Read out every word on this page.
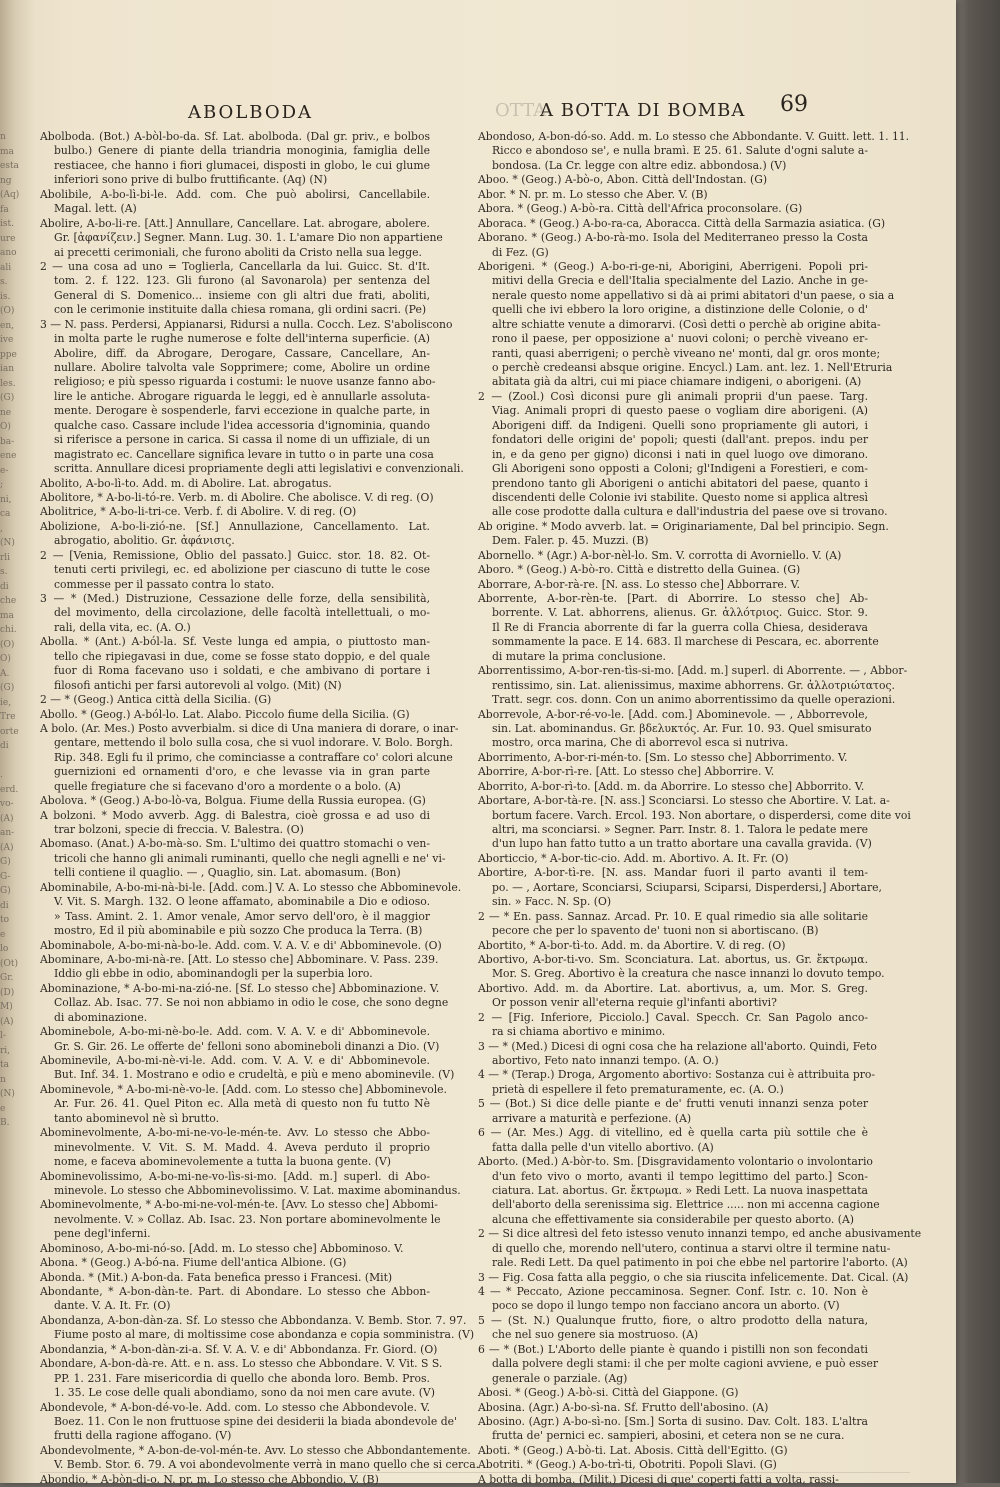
n
ma
esta
ng
(Aq)
fa
ist.
ure
ano
ali
s.
is.
(O)
en,
ive
ppe
ian
les.
(G)
ne
O)
ba-
ene
e-
;
ni,
ca
,
(N)
rli
s.
di
che
ma
chi.
(O)
O)
A.
(G)
ie,
Tre
orte
di
.
erd.
vo-
(A)
an-
(A)
G)
G-
G)
di
to
e
lo
(Ot)
Gr.
(D)
M)
(A)
l-
ri,
ta
n
(N)
e
B.
ABOLBODA	OTTA
A BOTTA DI BOMBA 69
Abolboda. (Bot.) A-bòl-bo-da. Sf. Lat. abolboda. (Dal gr. priv., e bolbos
bulbo.) Genere di piante della triandria monoginia, famiglia delle
restiacee, che hanno i fiori glumacei, disposti in globo, le cui glume
inferiori sono prive di bulbo fruttificante. (Aq) (N)
Abolibile, A-bo-lì-bi-le. Add. com. Che può abolirsi, Cancellabile.
Magal. lett. (A)
Abolire, A-bo-li-re. [Att.] Annullare, Cancellare. Lat. abrogare, abolere.
Gr. [ἀφανίζειν.] Segner. Mann. Lug. 30. 1. L'amare Dio non appartiene
ai precetti cerimoniali, che furono aboliti da Cristo nella sua legge.
2 — una cosa ad uno = Toglierla, Cancellarla da lui. Guicc. St. d'It.
tom. 2. f. 122. 123. Gli furono (al Savonarola) per sentenza del
General di S. Domenico... insieme con gli altri due frati, aboliti,
con le cerimonie instituite dalla chiesa romana, gli ordini sacri. (Pe)
3 — N. pass. Perdersi, Appianarsi, Ridursi a nulla. Cocch. Lez. S'aboliscono
in molta parte le rughe numerose e folte dell'interna superficie. (A)
Abolire, diff. da Abrogare, Derogare, Cassare, Cancellare, An-
nullare. Abolire talvolta vale Sopprimere; come, Abolire un ordine
religioso; e più spesso riguarda i costumi: le nuove usanze fanno abo-
lire le antiche. Abrogare riguarda le leggi, ed è annullarle assoluta-
mente. Derogare è sospenderle, farvi eccezione in qualche parte, in
qualche caso. Cassare include l'idea accessoria d'ignominia, quando
si riferisce a persone in carica. Si cassa il nome di un uffiziale, di un
magistrato ec. Cancellare significa levare in tutto o in parte una cosa
scritta. Annullare dicesi propriamente degli atti legislativi e convenzionali.
Abolito, A-bo-lì-to. Add. m. di Abolire. Lat. abrogatus.
Abolitore, * A-bo-li-tó-re. Verb. m. di Abolire. Che abolisce. V. di reg. (O)
Abolitrice, * A-bo-li-tri-ce. Verb. f. di Abolire. V. di reg. (O)
Abolizione, A-bo-li-zió-ne. [Sf.] Annullazione, Cancellamento. Lat.
abrogatio, abolitio. Gr. ἀφάνισις.
2 — [Venia, Remissione, Oblio del passato.] Guicc. stor. 18. 82. Ot-
tenuti certi privilegi, ec. ed abolizione per ciascuno di tutte le cose
commesse per il passato contra lo stato.
3 — * (Med.) Distruzione, Cessazione delle forze, della sensibilità,
del movimento, della circolazione, delle facoltà intellettuali, o mo-
rali, della vita, ec. (A. O.)
Abolla. * (Ant.) A-ból-la. Sf. Veste lunga ed ampia, o piuttosto man-
tello che ripiegavasi in due, come se fosse stato doppio, e del quale
fuor di Roma facevano uso i soldati, e che ambivano di portare i
filosofi antichi per farsi autorevoli al volgo. (Mit) (N)
2 — * (Geog.) Antica città della Sicilia. (G)
Abollo. * (Geog.) A-ból-lo. Lat. Alabo. Piccolo fiume della Sicilia. (G)
A bolo. (Ar. Mes.) Posto avverbialm. si dice di Una maniera di dorare, o inar-
gentare, mettendo il bolo sulla cosa, che si vuol indorare. V. Bolo. Borgh.
Rip. 348. Egli fu il primo, che cominciasse a contraffare co' colori alcune
guernizioni ed ornamenti d'oro, e che levasse via in gran parte
quelle fregiature che si facevano d'oro a mordente o a bolo. (A)
Abolova. * (Geog.) A-bo-lò-va, Bolgua. Fiume della Russia europea. (G)
A bolzoni. * Modo avverb. Agg. di Balestra, cioè grossa e ad uso di
trar bolzoni, specie di freccia. V. Balestra. (O)
Abomaso. (Anat.) A-bo-mà-so. Sm. L'ultimo dei quattro stomachi o ven-
tricoli che hanno gli animali ruminanti, quello che negli agnelli e ne' vi-
telli contiene il quaglio. — , Quaglio, sin. Lat. abomasum. (Bon)
Abominabile, A-bo-mi-nà-bi-le. [Add. com.] V. A. Lo stesso che Abbominevole.
V. Vit. S. Margh. 132. O leone affamato, abominabile a Dio e odioso.
» Tass. Amint. 2. 1. Amor venale, Amor servo dell'oro, è il maggior
mostro, Ed il più abominabile e più sozzo Che produca la Terra. (B)
Abominabole, A-bo-mi-nà-bo-le. Add. com. V. A. V. e di' Abbominevole. (O)
Abominare, A-bo-mi-nà-re. [Att. Lo stesso che] Abbominare. V. Pass. 239.
Iddio gli ebbe in odio, abominandogli per la superbia loro.
Abominazione, * A-bo-mi-na-zió-ne. [Sf. Lo stesso che] Abbominazione. V.
Collaz. Ab. Isac. 77. Se noi non abbiamo in odio le cose, che sono degne
di abominazione.
Abominebole, A-bo-mi-nè-bo-le. Add. com. V. A. V. e di' Abbominevole.
Gr. S. Gir. 26. Le offerte de' felloni sono abomineboli dinanzi a Dio. (V)
Abominevile, A-bo-mi-nè-vi-le. Add. com. V. A. V. e di' Abbominevole.
But. Inf. 34. 1. Mostrano e odio e crudeltà, e più e meno abominevile. (V)
Abominevole, * A-bo-mi-nè-vo-le. [Add. com. Lo stesso che] Abbominevole.
Ar. Fur. 26. 41. Quel Piton ec. Alla metà di questo non fu tutto Nè
tanto abominevol nè sì brutto.
Abominevolmente, A-bo-mi-ne-vo-le-mén-te. Avv. Lo stesso che Abbo-
minevolmente. V. Vit. S. M. Madd. 4. Aveva perduto il proprio
nome, e faceva abominevolemente a tutta la buona gente. (V)
Abominevolissimo, A-bo-mi-ne-vo-lìs-si-mo. [Add. m.] superl. di Abo-
minevole. Lo stesso che Abbominevolissimo. V. Lat. maxime abominandus.
Abominevolmente, * A-bo-mi-ne-vol-mén-te. [Avv. Lo stesso che] Abbomi-
nevolmente. V. » Collaz. Ab. Isac. 23. Non portare abominevolmente le
pene degl'inferni.
Abominoso, A-bo-mi-nó-so. [Add. m. Lo stesso che] Abbominoso. V.
Abona. * (Geog.) A-bó-na. Fiume dell'antica Albione. (G)
Abonda. * (Mit.) A-bon-da. Fata benefica presso i Francesi. (Mit)
Abondante, * A-bon-dàn-te. Part. di Abondare. Lo stesso che Abbon-
dante. V. A. It. Fr. (O)
Abondanza, A-bon-dàn-za. Sf. Lo stesso che Abbondanza. V. Bemb. Stor. 7. 97.
Fiume posto al mare, di moltissime cose abondanza e copia somministra. (V)
Abondanzia, * A-bon-dàn-zi-a. Sf. V. A. V. e di' Abbondanza. Fr. Giord. (O)
Abondare, A-bon-dà-re. Att. e n. ass. Lo stesso che Abbondare. V. Vit. S S.
PP. 1. 231. Fare misericordia di quello che abonda loro. Bemb. Pros.
1. 35. Le cose delle quali abondiamo, sono da noi men care avute. (V)
Abondevole, * A-bon-dé-vo-le. Add. com. Lo stesso che Abbondevole. V.
Boez. 11. Con le non fruttuose spine dei desiderii la biada abondevole de'
frutti della ragione affogano. (V)
Abondevolmente, * A-bon-de-vol-mén-te. Avv. Lo stesso che Abbondantemente.
V. Bemb. Stor. 6. 79. A voi abondevolmente verrà in mano quello che si cerca.
Abondio, * A-bòn-di-o. N. pr. m. Lo stesso che Abbondio. V. (B)
Abondoso, A-bon-dó-so. Add. m. Lo stesso che Abbondante. V. Guitt. lett. 1. 11.
Ricco e abondoso se', e nulla bramì. E 25. 61. Salute d'ogni salute a-
bondosa. (La Cr. legge con altre ediz. abbondosa.) (V)
Aboo. * (Geog.) A-bò-o, Abon. Città dell'Indostan. (G)
Abor. * N. pr. m. Lo stesso che Aber. V. (B)
Abora. * (Geog.) A-bò-ra. Città dell'Africa proconsolare. (G)
Aboraca. * (Geog.) A-bo-ra-ca, Aboracca. Città della Sarmazia asiatica. (G)
Aborano. * (Geog.) A-bo-rà-mo. Isola del Mediterraneo presso la Costa
di Fez. (G)
Aborigeni. * (Geog.) A-bo-ri-ge-ni, Aborigini, Aberrigeni. Popoli pri-
mitivi della Grecia e dell'Italia specialmente del Lazio. Anche in ge-
nerale questo nome appellativo si dà ai primi abitatori d'un paese, o sia a
quelli che ivi ebbero la loro origine, a distinzione delle Colonie, o d'
altre schiatte venute a dimorarvi. (Così detti o perchè ab origine abita-
rono il paese, per opposizione a' nuovi coloni; o perchè viveano er-
ranti, quasi aberrigeni; o perchè viveano ne' monti, dal gr. oros monte;
o perchè credeansi absque origine. Encycl.) Lam. ant. lez. 1. Nell'Etruria
abitata già da altri, cui mi piace chiamare indigeni, o aborigeni. (A)
2 — (Zool.) Così diconsi pure gli animali proprii d'un paese. Targ.
Viag. Animali propri di questo paese o vogliam dire aborigeni. (A)
Aborigeni diff. da Indigeni. Quelli sono propriamente gli autori, i
fondatori delle origini de' popoli; questi (dall'ant. prepos. indu per
in, e da geno per gigno) diconsi i nati in quel luogo ove dimorano.
Gli Aborigeni sono opposti a Coloni; gl'Indigeni a Forestieri, e com-
prendono tanto gli Aborigeni o antichi abitatori del paese, quanto i
discendenti delle Colonie ivi stabilite. Questo nome si applica altresì
alle cose prodotte dalla cultura e dall'industria del paese ove si trovano.
Ab origine. * Modo avverb. lat. = Originariamente, Dal bel principio. Segn.
Dem. Faler. p. 45. Muzzi. (B)
Abornello. * (Agr.) A-bor-nèl-lo. Sm. V. corrotta di Avorniello. V. (A)
Aboro. * (Geog.) A-bò-ro. Città e distretto della Guinea. (G)
Aborrare, A-bor-rà-re. [N. ass. Lo stesso che] Abborrare. V.
Aborrente, A-bor-rèn-te. [Part. di Aborrire. Lo stesso che] Ab-
borrente. V. Lat. abhorrens, alienus. Gr. ἀλλότριος. Guicc. Stor. 9.
Il Re di Francia aborrente di far la guerra colla Chiesa, desiderava
sommamente la pace. E 14. 683. Il marchese di Pescara, ec. aborrente
di mutare la prima conclusione.
Aborrentissimo, A-bor-ren-tìs-si-mo. [Add. m.] superl. di Aborrente. — , Abbor-
rentissimo, sin. Lat. alienissimus, maxime abhorrens. Gr. ἀλλοτριώτατος.
Tratt. segr. cos. donn. Con un animo aborrentissimo da quelle operazioni.
Aborrevole, A-bor-ré-vo-le. [Add. com.] Abominevole. — , Abborrevole,
sin. Lat. abominandus. Gr. βδελυκτός. Ar. Fur. 10. 93. Quel smisurato
mostro, orca marina, Che di aborrevol esca si nutriva.
Aborrimento, A-bor-ri-mén-to. [Sm. Lo stesso che] Abborrimento. V.
Aborrire, A-bor-rì-re. [Att. Lo stesso che] Abborrire. V.
Aborrito, A-bor-rì-to. [Add. m. da Aborrire. Lo stesso che] Abborrito. V.
Abortare, A-bor-tà-re. [N. ass.] Sconciarsi. Lo stesso che Abortire. V. Lat. a-
bortum facere. Varch. Ercol. 193. Non abortare, o disperdersi, come dite voi
altri, ma sconciarsi. » Segner. Parr. Instr. 8. 1. Talora le pedate mere
d'un lupo han fatto tutto a un tratto abortare una cavalla gravida. (V)
Aborticcio, * A-bor-tic-cio. Add. m. Abortivo. A. It. Fr. (O)
Abortire, A-bor-tì-re. [N. ass. Mandar fuori il parto avanti il tem-
po. — , Aortare, Sconciarsi, Sciuparsi, Sciparsi, Disperdersi,] Abortare,
sin. » Facc. N. Sp. (O)
2 — * En. pass. Sannaz. Arcad. Pr. 10. E qual rimedio sia alle solitarie
pecore che per lo spavento de' tuoni non si abortiscano. (B)
Abortito, * A-bor-tì-to. Add. m. da Abortire. V. di reg. (O)
Abortivo, A-bor-ti-vo. Sm. Sconciatura. Lat. abortus, us. Gr. ἔκτρωμα.
Mor. S. Greg. Abortivo è la creatura che nasce innanzi lo dovuto tempo.
Abortivo. Add. m. da Abortire. Lat. abortivus, a, um. Mor. S. Greg.
Or posson venir all'eterna requie gl'infanti abortivi?
2 — [Fig. Inferiore, Picciolo.] Caval. Specch. Cr. San Pagolo anco-
ra si chiama abortivo e minimo.
3 — * (Med.) Dicesi di ogni cosa che ha relazione all'aborto. Quindi, Feto
abortivo, Feto nato innanzi tempo. (A. O.)
4 — * (Terap.) Droga, Argomento abortivo: Sostanza cui è attribuita pro-
prietà di espellere il feto prematuramente, ec. (A. O.)
5 — (Bot.) Si dice delle piante e de' frutti venuti innanzi senza poter
arrivare a maturità e perfezione. (A)
6 — (Ar. Mes.) Agg. di vitellino, ed è quella carta più sottile che è
fatta dalla pelle d'un vitello abortivo. (A)
Aborto. (Med.) A-bòr-to. Sm. [Disgravidamento volontario o involontario
d'un feto vivo o morto, avanti il tempo legittimo del parto.] Scon-
ciatura. Lat. abortus. Gr. ἔκτρωμα. » Redi Lett. La nuova inaspettata
dell'aborto della serenissima sig. Elettrice ..... non mi accenna cagione
alcuna che effettivamente sia considerabile per questo aborto. (A)
2 — Si dice altresì del feto istesso venuto innanzi tempo, ed anche abusivamente
di quello che, morendo nell'utero, continua a starvi oltre il termine natu-
rale. Redi Lett. Da quel patimento in poi che ebbe nel partorire l'aborto. (A)
3 — Fig. Cosa fatta alla peggio, o che sia riuscita infelicemente. Dat. Cical. (A)
4 — * Peccato, Azione peccaminosa. Segner. Conf. Istr. c. 10. Non è
poco se dopo il lungo tempo non facciano ancora un aborto. (V)
5 — (St. N.) Qualunque frutto, fiore, o altro prodotto della natura,
che nel suo genere sia mostruoso. (A)
6 — * (Bot.) L'Aborto delle piante è quando i pistilli non son fecondati
dalla polvere degli stami: il che per molte cagioni avviene, e può esser
generale o parziale. (Ag)
Abosi. * (Geog.) A-bò-si. Città del Giappone. (G)
Abosina. (Agr.) A-bo-sì-na. Sf. Frutto dell'abosino. (A)
Abosino. (Agr.) A-bo-sì-no. [Sm.] Sorta di susino. Dav. Colt. 183. L'altra
frutta de' pernici ec. sampieri, abosini, et cetera non se ne cura.
Aboti. * (Geog.) A-bò-ti. Lat. Abosis. Città dell'Egitto. (G)
Abotriti. * (Geog.) A-bo-trì-ti, Obotriti. Popoli Slavi. (G)
A botta di bomba. (Milit.) Dicesi di que' coperti fatti a volta, rassi-
